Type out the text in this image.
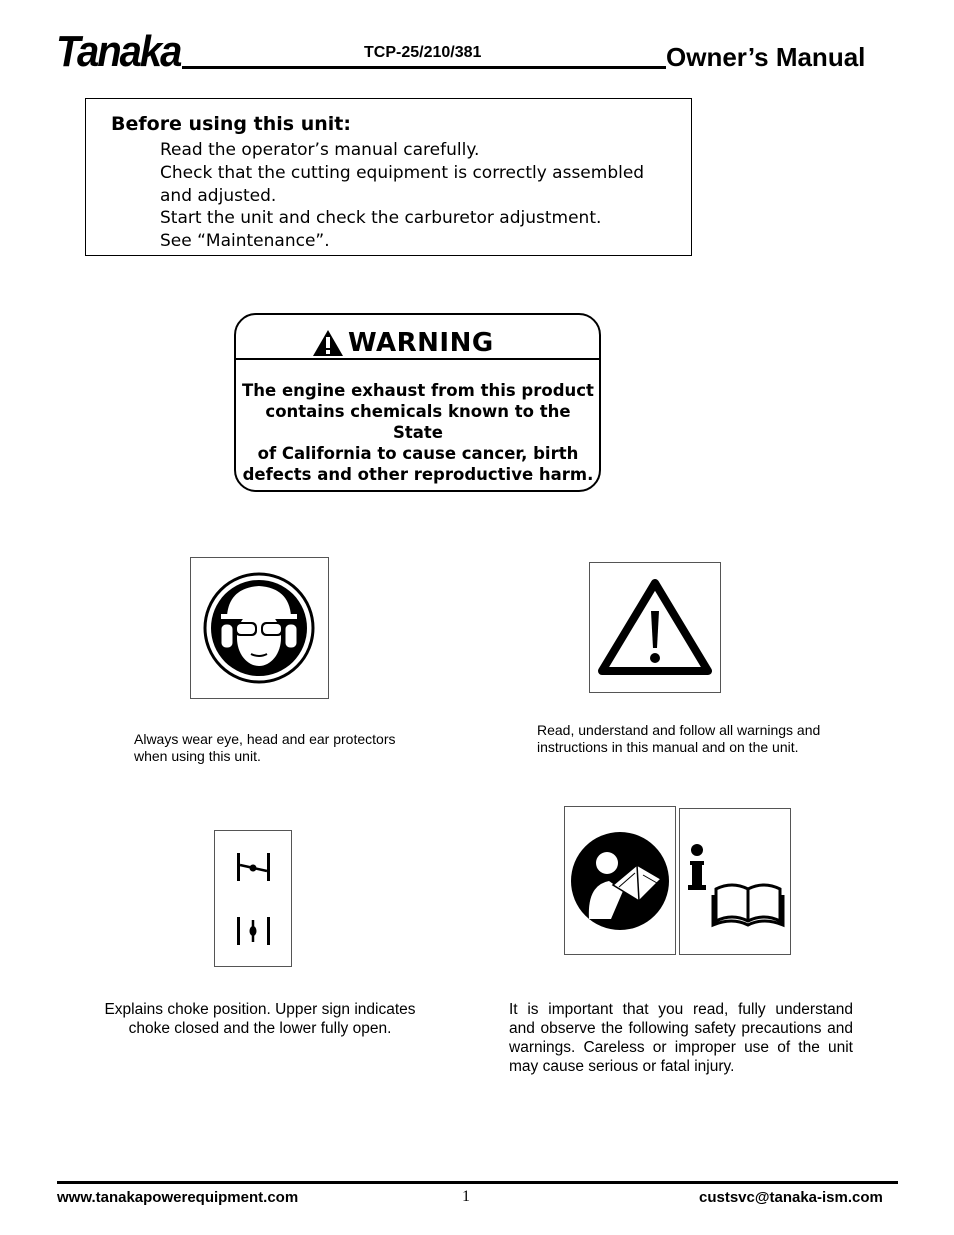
Tanaka	TCP-25/210/381	Owner’s Manual
Before using this unit:
Read the operator’s manual carefully.
Check that the cutting equipment is correctly assembled
and adjusted.
Start the unit and check the carburetor adjustment.
See “Maintenance”.
WARNING
The engine exhaust from this product
contains chemicals known to the State
of California to cause cancer, birth
defects and other reproductive harm.
Always wear eye, head and ear protectors
when using this unit.
Read, understand and follow all warnings and
instructions in this manual and on the unit.
Explains choke position. Upper sign indicates
choke closed and the lower fully open.
It is important that you read, fully understand
and observe the following safety precautions and
warnings. Careless or improper use of the unit
may cause serious or fatal injury.
www.tanakapowerequipment.com	1	custsvc@tanaka-ism.com
